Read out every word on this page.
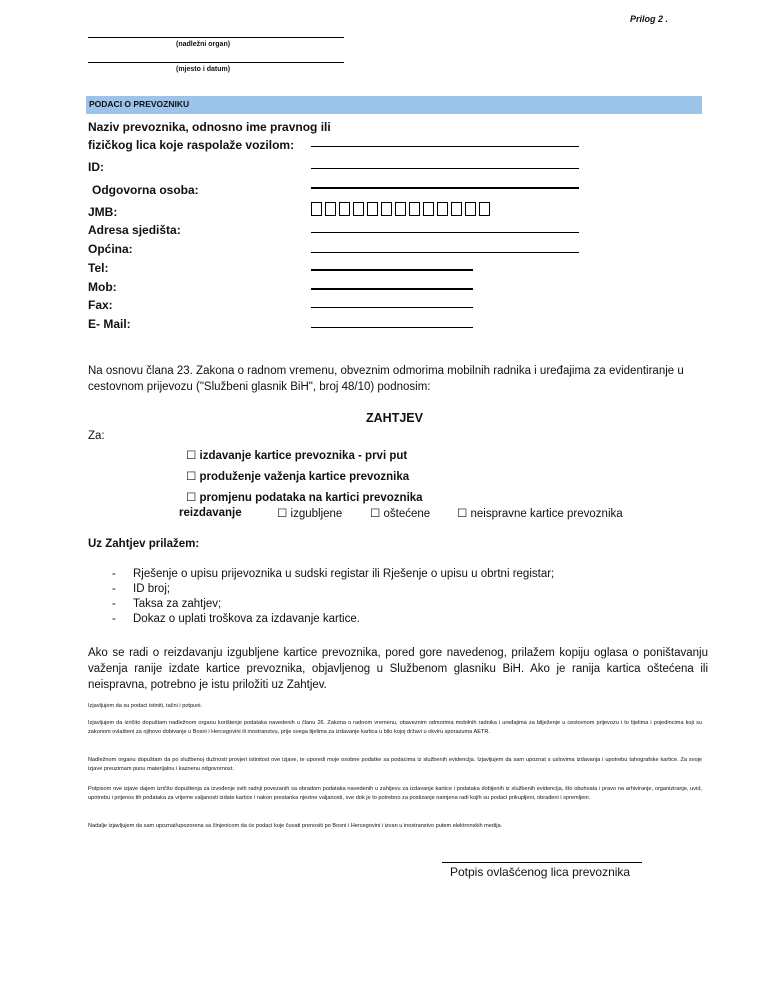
Prilog 2 .
(nadležni organ)
(mjesto i datum)
PODACI O PREVOZNIKU
Naziv prevoznika, odnosno ime pravnog ili
fizičkog lica koje raspolaže vozilom:
ID:
Odgovorna osoba:
JMB:
Adresa sjedišta:
Općina:
Tel:
Mob:
Fax:
E- Mail:
Na osnovu člana 23. Zakona o radnom vremenu, obveznim odmorima mobilnih radnika i uređajima za evidentiranje u cestovnom prijevozu ("Službeni glasnik BiH", broj 48/10) podnosim:
ZAHTJEV
Za:
☐ izdavanje kartice prevoznika - prvi put
☐ produženje važenja kartice prevoznika
☐ promjenu podataka na kartici prevoznika
reizdavanje	☐ izgubljene ☐ oštećene ☐ neispravne kartice prevoznika
Uz Zahtjev prilažem:
- Rješenje o upisu prijevoznika u sudski registar ili Rješenje o upisu u obrtni registar;
- ID broj;
- Taksa za zahtjev;
- Dokaz o uplati troškova za izdavanje kartice.
Ako se radi o reizdavanju izgubljene kartice prevoznika, pored gore navedenog, prilažem kopiju oglasa o poništavanju važenja ranije izdate kartice prevoznika, objavljenog u Službenom glasniku BiH. Ako je ranija kartica oštećena ili neispravna, potrebno je istu priložiti uz Zahtjev.
Izjavljujem da su podaci istiniti, tačni i potpuni.
Izjavljujem da izričito dopuštam nadležnom organu korištenje podataka navedenih u članu 26. Zakona o radnom vremenu, obaveznim odmorima mobilnih radnika i uređajima za bilježenje u cestovnom prijevozu i to tijelima i pojedincima koji su zakonom ovlašteni za njihovo dobivanje u Bosni i Hercegovini ili inostranstvu, prije svega tijelima za izdavanje kartica u bilo kojoj državi u okviru sporazuma AETR.
Nadležnom organu dopuštam da po službenoj dužnosti provjeri istinitost ove izjave, te uporedi moje osobne podatke sa podacima iz službenih evidencija. Izjavljujem da sam upoznat s uslovima izdavanja i upotrebu tahografske kartice. Za svoje izjave preuzimam punu materijalnu i kaznenu odgovornost.
Potpisom ove izjave dajem izričitu dopuštenja za izvođenje svih radnji povezanih sa obradom podataka navedenih u zahtjevu za izdavanje kartice i podataka dobijenih iz službenih evidencija, što obuhvata i pravo na arhiviranje, organiziranje, uvid, upotrebu i prijenos tih podataka za vrijeme valjanosti izdate kartice i nakon prestanka njezine valjanosti, sve dok je to potrebno za postizanje namjena radi kojih su podaci prikupljeni, obrađeni i spremljeni.
Nadalje izjavljujem da sam upoznat/upozorena sa činjenicom da će podaci koje čuvati prenositi po Bosni i Hercegovini i izvan u inostranstvo putem elektronskih medija.
Potpis ovlašćenog lica prevoznika
